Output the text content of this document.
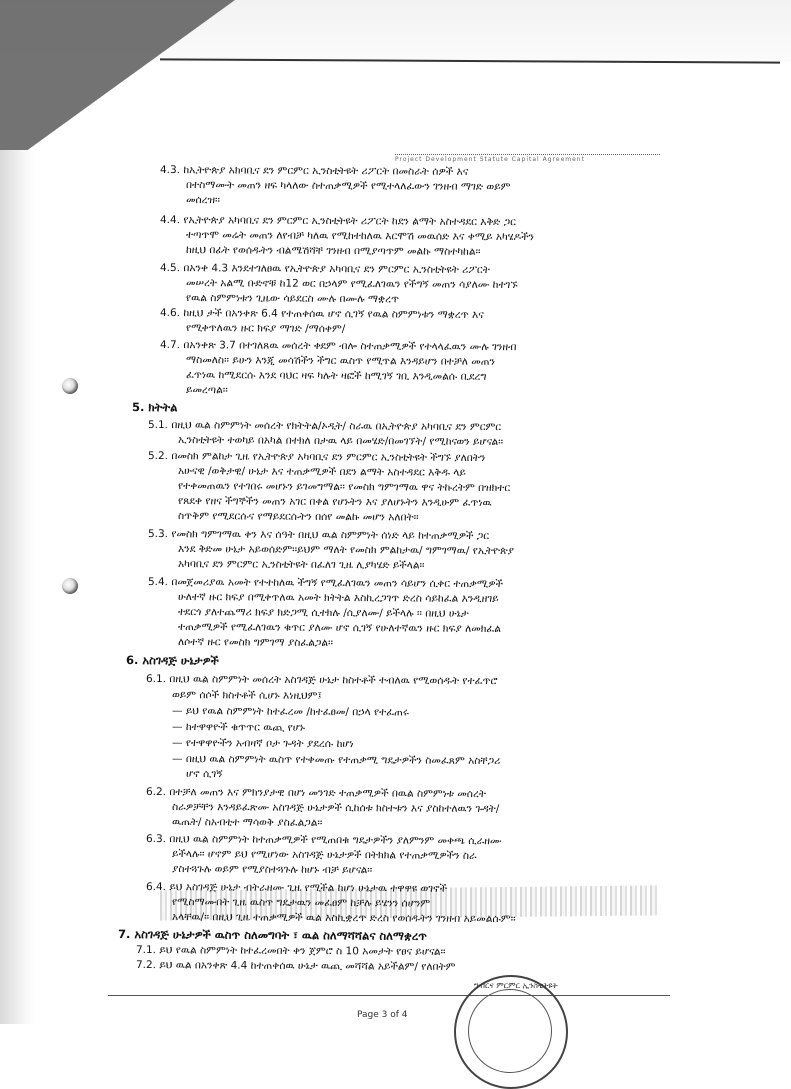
Project Development Statute Capital Agreement
4.3. ከኢትዮጵያ አክባቢና ደን ምርምር ኢንስቲትዩት ሪፖርት በመስራት ሰዎች እና
በተስማሙት መጠን ዘፍ ካላለው ስተጠቃሚዎች የሚተላለፈውን ገንዘብ ማገድ ወይም
መሰረዝ፡፡
4.4. የኢትዮጵያ አካባቢና ደን ምርምር ኢንስቲትዩት ሪፖርት ከደን ልማት አስተዳደር እቅድ ጋር
ተጣጥሞ መሬት መጠን ለየብቻ ካለዉ የሚከተከለዉ እርሞሽ መዉሰድ እና ቀሚይ አካሄዶችን
ከዚህ በፊት የወሰዱትን ብልሜሽሻቸ ገንዘብ በሚያጣጥም መልኩ ማስተካከል፡፡
4.5. በአንቀ 4.3 እንደተገለፀዉ የኢትዮጵያ አካባቢና ደን ምርምር ኢንስቲትዩት ሪፖርት
መሠረት አልሚ ቡድኖቹ ከ12 ወር በኃላም የሚፈለገዉን የችግኝ መጠን ሳያለሙ ከተገኙ
የዉል ስምምነቱን ጊዜው ሳይደርስ ሙሉ በሙሉ ማቋረጥ
4.6. ከዚህ ታች በአንቀጽ 6.4 የተጠቀሰዉ ሆኖ ሲገኝ የዉል ስምምነቱን ማቋረጥ እና
የሚቀጥለዉን ዙር ክፍያ ማገድ /ማሰቀም/
4.7. በአንቀጽ 3.7 በተገለጸዉ መሰረት ቀደም ብሎ ስተጠቃሚዎች የተላላፈዉን ሙሉ ገንዘብ
ማስመለስ፡፡ ይሁን እንጂ መሳሽችን ችግር ዉስጥ የሚጥል እንዳይሆን በተቻለ መጠን
ፈጥነዉ ከሚደርሱ እንደ ባህር ዛፍ ካሉት ዛፎች ከሚገኝ ገቢ እንዲመልሱ ቢደረግ
ይመረጣል፡፡
5. ክትትል
5.1. በዚህ ዉል ስምምነት መሰረት የክትትል/ኦዲት/ ስራዉ በኢትዮጵያ አካባቢና ደን ምርምር
ኢንስቲትዩት ተወካይ በአካል በተክለ በታዉ ላይ በመሄድ/በመገኘት/ የሚከናወን ይሆናል፡፡
5.2. በመስክ ምልከታ ጊዜ የኢትዮጵያ አካባቢና ደን ምርምር ኢንስቲትዩት ችግኙ ያለበትን
አሁናዊ /ወቅታዊ/ ሁኔታ እና ተጠቃሚዎች በደን ልማት አስተዳደር እቅዱ ላይ
የተቀመጠዉን የተገበሩ መሆኑን ይገመግማል፡፡ የመስክ ግምገማዉ ዋና ትኩረትም በዝክተር
የጸደቀ የዘና ችግኞችን መጠን አገር በቀል የሆኑትን እና ያለሆኑትን እንዲሁም ፈጥነዉ
ስጥቅም የሚደርሱና የማይደርሱትን በሰየ መልኩ መሆን አለበት፡፡
5.3. የመስክ ግምገማዉ ቀን እና ሰዓት በዚህ ዉል ስምምነት ሰነድ ላይ ከተጠቃሚዎች ጋር
እንደ ቅድመ ሁኔታ አይወሰድም፡፡ይህም ማለት የመስክ ምልከታዉ/ ግምገማዉ/ የኢትዮጵያ
አካባቢና ደን ምርምር ኢንስቲትዩት በፈለገ ጊዜ ሊያካሄድ ይችላል፡፡
5.4. በመጀመሪያዉ አመት የተተከለዉ ችግኝ የሚፈለገዉን መጠን ሳይሆን ሲቀር ተጠቃሚዎች
ሁለተኛ ዙር ክፍያ በሚቀጥለዉ አመት ክትትል እስኪረጋገጥ ድረስ ሳይከፈል እንዲዘገይ
ተደርጎ ያለተጨማሪ ክፍያ ክድጋሚ ሲተክሉ /ሲያለሙ/ ይችላሉ ፡፡ በዚህ ሁኔታ
ተጠቃሚዎች የሚፈለገዉን ቁጥር ያለሙ ሆኖ ሲገኝ የሁለተኛዉን ዙር ክፍያ ለመክፈል
ለሶተኛ ዙር የመስክ ግምገማ ያስፈልጋል፡፡
6. አስገዳጅ ሁኔታዎች
6.1. በዚህ ዉል ስምምነት መሰረት አስገዳጅ ሁኔታ ከስተቶች ተብለዉ የሚወሰዱት የተፈጥሮ
ወይም ሰሶች ክስተቶች ሲሆኑ እነዚህም፤
— ይህ የዉል ስምምነት ከተፈረመ /ከተፈፀመ/ በኃላ የተፈጠሩ
— ከተዋዋዮች ቁጥጥር ዉጪ የሆኑ
— የተዋዋዮችን አብዛኛ ቦታ ጉዳት ያደረሱ ከሆነ
— በዚህ ዉል ስምምነት ዉስጥ የተቀመጡ የተጠቃሚ ግዴታዎችን ስመፈጸም አስቸጋሪ
ሆኖ ሲገኝ
6.2. በተቻለ መጠን እና ምክንያታዊ በሆነ መንገድ ተጠቃሚዎች በዉል ስምምነቱ መሰረት
ስራዎቻቸን እንዳይፈጽሙ አስገዳጅ ሁኔታዎች ሲከሰቱ ክስተቱን እና ያስከተለዉን ጉዳት/
ዉጤት/ ስአብቲተ ማሳወቅ ያስፈልጋል፡፡
6.3. በዚህ ዉል ስምምነት ከተጠቃሚዎች የሚጠበቁ ግዴታዎችን ያለምንም መቀጫ ሲራዘሙ
ይችላሉ፡፡ ሆኖም ይህ የሚሆነው አስገዳጅ ሁኔታዎች በትክክል የተጠቃሚዎችን ስራ
ያስተጓጉሉ ወይም የሚያስተጓጉሉ ከሆኑ ብቻ ይሆናል፡፡
6.4. ይህ አስገዳጅ ሁኔታ ብትራዘሙ ጊዜ የሚችል ከሆነ ሁኔታዉ ተዋዋዩ ወገኖች
የሚስማሙበት ጊዜ ዉስጥ ግዴታዉን መፈፀም ከቻሉ ይሄንን ሰሆንም
አላቸዉ/፡፡ በዚህ ጊዜ ተጠቃሚዎች ዉል እስኪቋረጥ ድረስ የወሰዱትን ገንዘብ አይመልሱም፡፡
7. አስገዳጅ ሁኔታዎች ዉስጥ ስለመግባት ፣ ዉል ስለማሻሻልና ስለማቋረጥ
7.1. ይህ የዉል ስምምነት ከተፈረመበት ቀን ጀምሮ ስ 10 አመታት የፀና ይሆናል፡፡
7.2. ይህ ዉል በአንቀጽ 4.4 ከተጠቀሰዉ ሁኔታ ዉጪ መሻሻል አይችልም/ የለበትም
Page 3 of 4
ግብርና ምርምር ኢንስቲትዩት
